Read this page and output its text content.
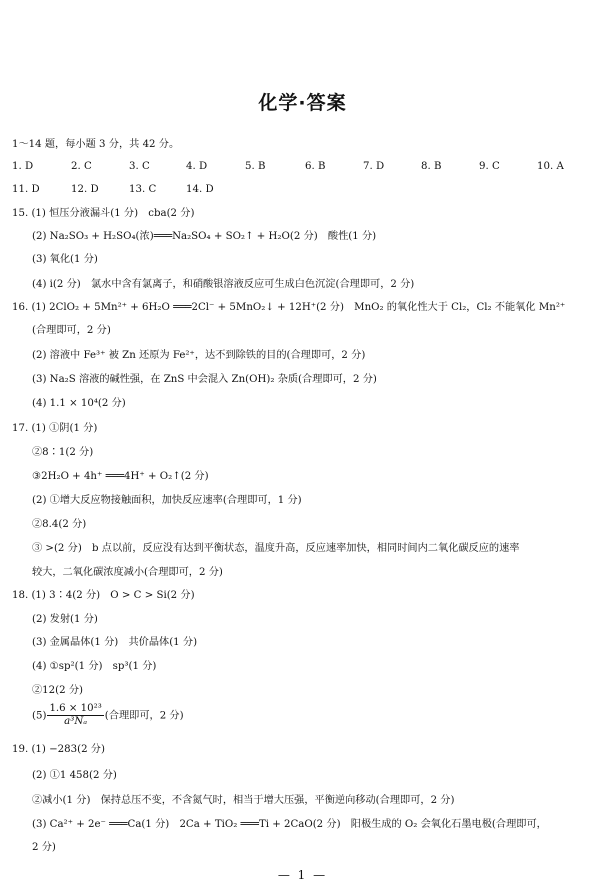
化学·答案
1～14 题，每小题 3 分，共 42 分。
1. D	2. C	3. C	4. D	5. B	6. B	7. D	8. B	9. C	10. A
11. D	12. D	13. C	14. D
15. (1) 恒压分液漏斗(1 分)　cba(2 分)
(2) Na₂SO₃ + H₂SO₄(浓)═══Na₂SO₄ + SO₂↑ + H₂O(2 分)　酸性(1 分)
(3) 氧化(1 分)
(4) ⅰ(2 分)　氯水中含有氯离子，和硝酸银溶液反应可生成白色沉淀(合理即可，2 分)
16. (1) 2ClO₂ + 5Mn²⁺ + 6H₂O ═══2Cl⁻ + 5MnO₂↓ + 12H⁺(2 分)　MnO₂ 的氧化性大于 Cl₂，Cl₂ 不能氧化 Mn²⁺
(合理即可，2 分)
(2) 溶液中 Fe³⁺ 被 Zn 还原为 Fe²⁺，达不到除铁的目的(合理即可，2 分)
(3) Na₂S 溶液的碱性强，在 ZnS 中会混入 Zn(OH)₂ 杂质(合理即可，2 分)
(4) 1.1 × 10⁴(2 分)
17. (1) ①阴(1 分)
②8∶1(2 分)
③2H₂O + 4h⁺ ═══4H⁺ + O₂↑(2 分)
(2) ①增大反应物接触面积，加快反应速率(合理即可，1 分)
②8.4(2 分)
③ >(2 分)　b 点以前，反应没有达到平衡状态，温度升高，反应速率加快，相同时间内二氧化碳反应的速率
较大，二氧化碳浓度减小(合理即可，2 分)
18. (1) 3∶4(2 分)　O > C > Si(2 分)
(2) 发射(1 分)
(3) 金属晶体(1 分)　共价晶体(1 分)
(4) ①sp²(1 分)　sp³(1 分)
②12(2 分)
$(5) \frac{\text{1.6 × 10²³}}{\text{a³Nₐ}}$ (合理即可，2 分)
19. (1) −283(2 分)
(2) ①1 458(2 分)
②减小(1 分)　保持总压不变，不含氮气时，相当于增大压强，平衡逆向移动(合理即可，2 分)
(3) Ca²⁺ + 2e⁻ ═══Ca(1 分)　2Ca + TiO₂ ═══Ti + 2CaO(2 分)　阳极生成的 O₂ 会氧化石墨电极(合理即可，
2 分)
— 1 —
